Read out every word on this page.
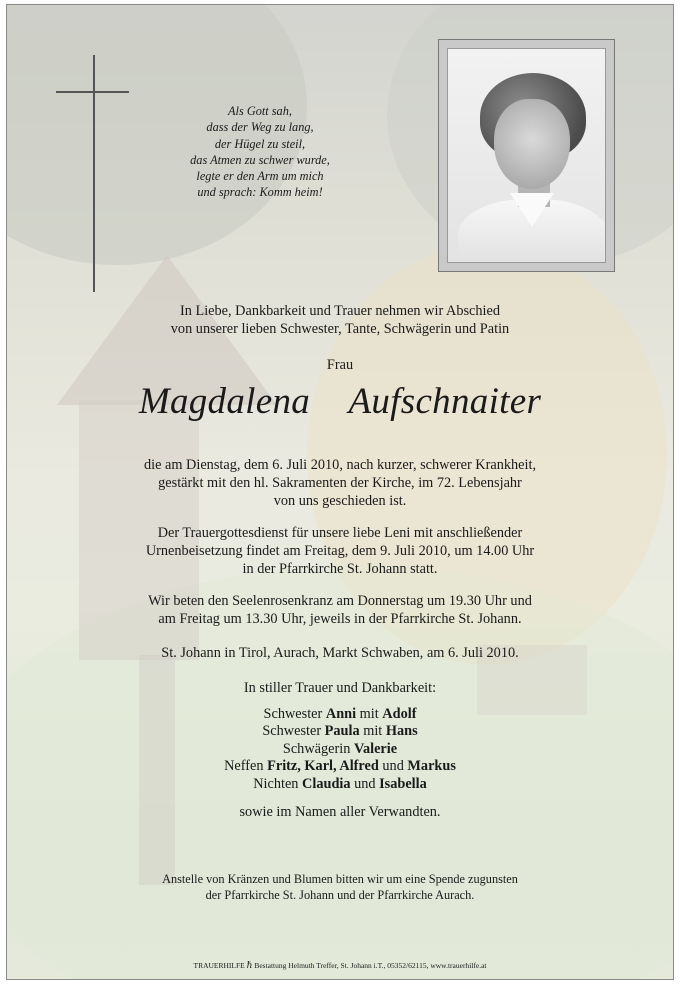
Als Gott sah,
dass der Weg zu lang,
der Hügel zu steil,
das Atmen zu schwer wurde,
legte er den Arm um mich
und sprach: Komm heim!
In Liebe, Dankbarkeit und Trauer nehmen wir Abschied
von unserer lieben Schwester, Tante, Schwägerin und Patin
Frau
Magdalena  Aufschnaiter
die am Dienstag, dem 6. Juli 2010, nach kurzer, schwerer Krankheit,
gestärkt mit den hl. Sakramenten der Kirche, im 72. Lebensjahr
von uns geschieden ist.
Der Trauergottesdienst für unsere liebe Leni mit anschließender
Urnenbeisetzung findet am Freitag, dem 9. Juli 2010, um 14.00 Uhr
in der Pfarrkirche St. Johann statt.
Wir beten den Seelenrosenkranz am Donnerstag um 19.30 Uhr und
am Freitag um 13.30 Uhr, jeweils in der Pfarrkirche St. Johann.
St. Johann in Tirol, Aurach, Markt Schwaben, am 6. Juli 2010.
In stiller Trauer und Dankbarkeit:
Schwester Anni mit Adolf
Schwester Paula mit Hans
Schwägerin Valerie
Neffen Fritz, Karl, Alfred und Markus
Nichten Claudia und Isabella
sowie im Namen aller Verwandten.
Anstelle von Kränzen und Blumen bitten wir um eine Spende zugunsten
der Pfarrkirche St. Johann und der Pfarrkirche Aurach.
TRAUERHILFE ℏ Bestattung Helmuth Treffer, St. Johann i.T., 05352/62115, www.trauerhilfe.at
